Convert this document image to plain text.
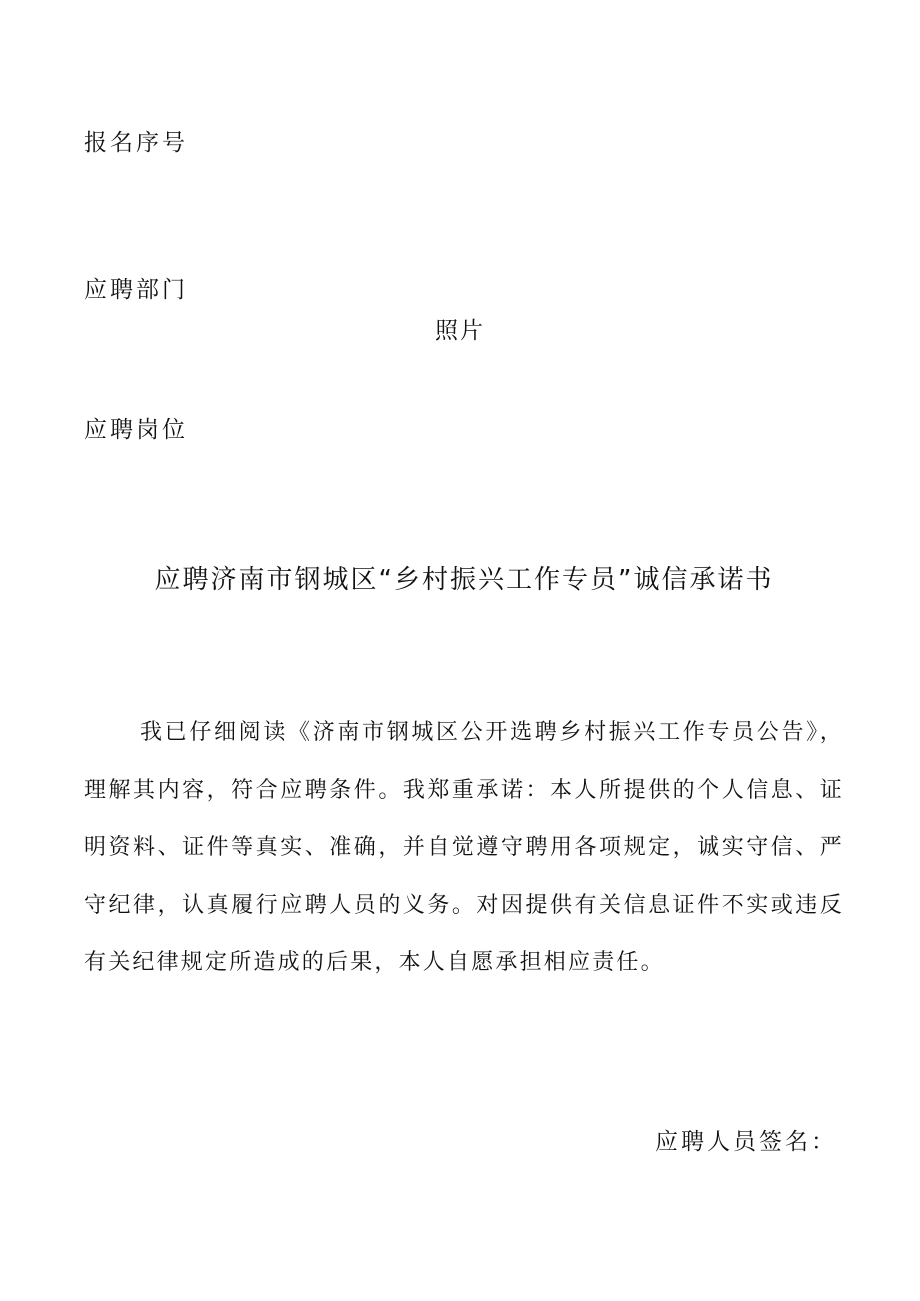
报名序号
应聘部门
照片
应聘岗位
应聘济南市钢城区“乡村振兴工作专员”诚信承诺书

我已仔细阅读《济南市钢城区公开选聘乡村振兴工作专员公告》，理解其内容，符合应聘条件。我郑重承诺：本人所提供的个人信息、证明资料、证件等真实、准确，并自觉遵守聘用各项规定，诚实守信、严守纪律，认真履行应聘人员的义务。对因提供有关信息证件不实或违反有关纪律规定所造成的后果，本人自愿承担相应责任。

应聘人员签名：
